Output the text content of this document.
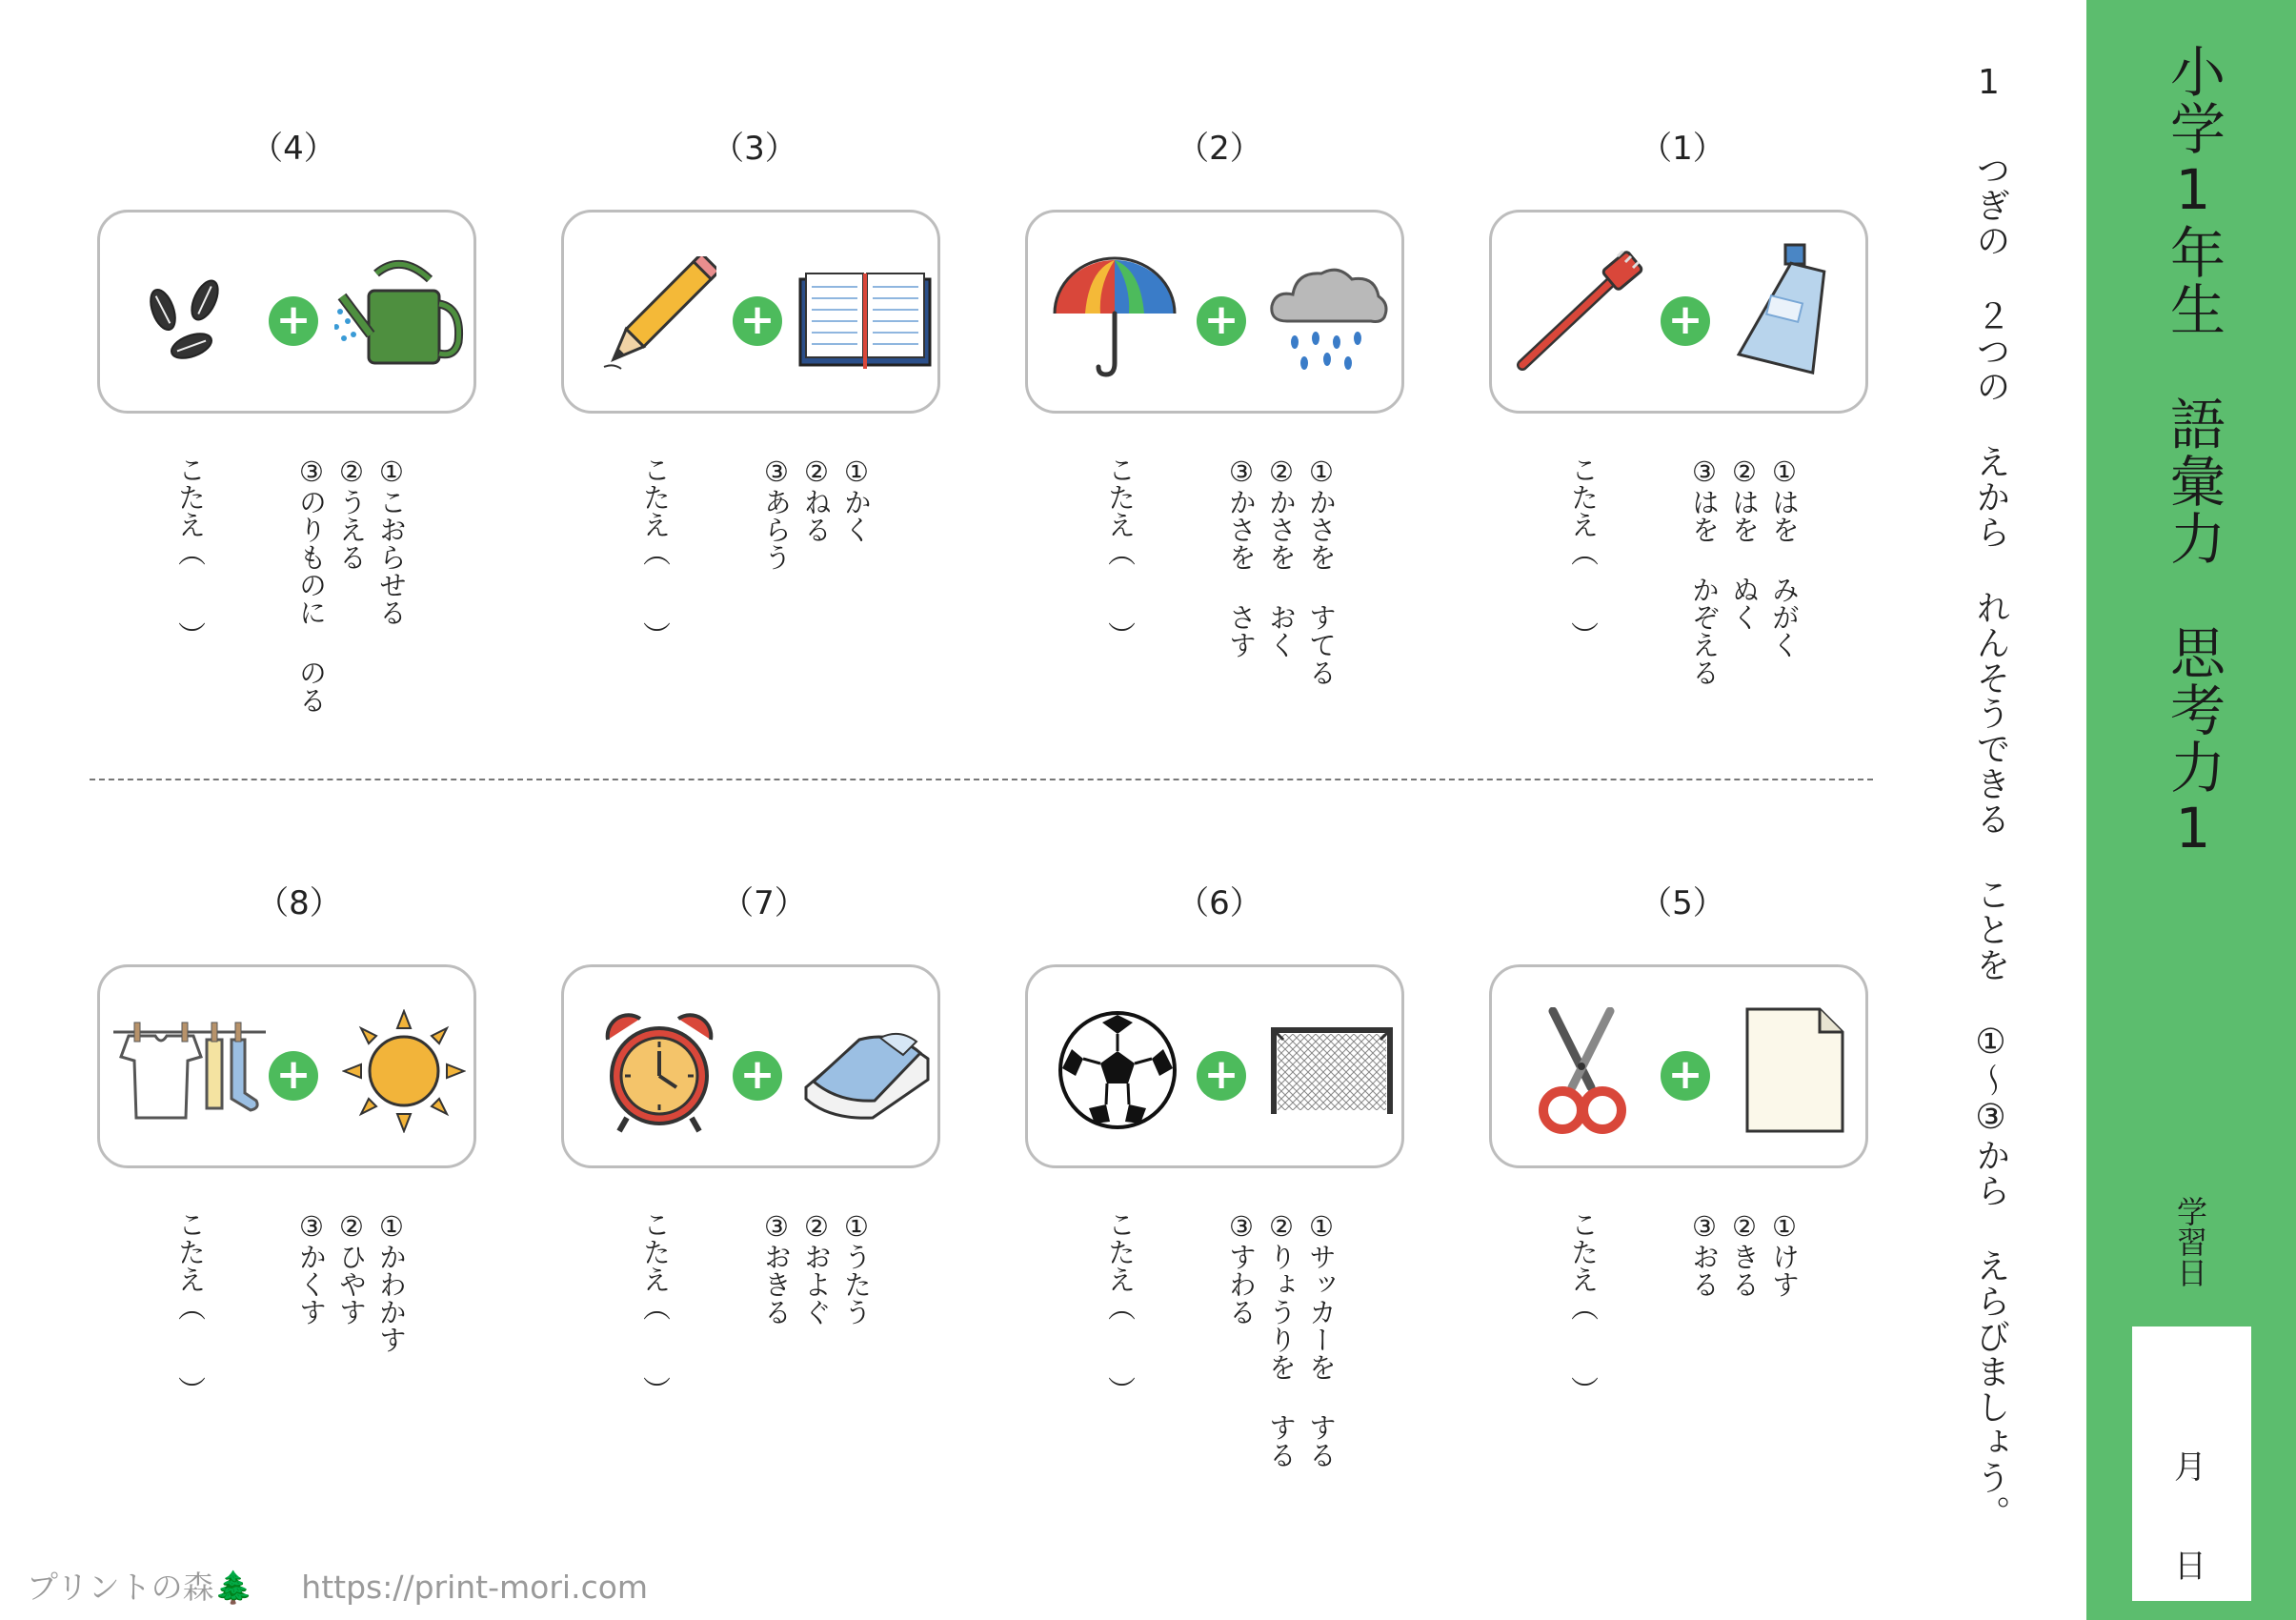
小学1年生　語彙力　思考力1
学習日
月
日
1
つぎの ２つの えから れんそうできる ことを ①～③から えらびましょう。
（1）
+
①はを みがく
②はを ぬく
③はを かぞえる
こたえ（　　）
（2）
+
①かさを すてる
②かさを おく
③かさを さす
こたえ（　　）
（3）
+
①かく
②ねる
③あらう
こたえ（　　）
（4）
+
①こおらせる
②うえる
③のりものに のる
こたえ（　　）
（5）
+
①けす
②きる
③おる
こたえ（　　）
（6）
+
①サッカーを する
②りょうりを する
③すわる
こたえ（　　）
（7）
+
①うたう
②およぐ
③おきる
こたえ（　　）
（8）
+
①かわかす
②ひやす
③かくす
こたえ（　　）
プリントの森🌲 https://print-mori.com
